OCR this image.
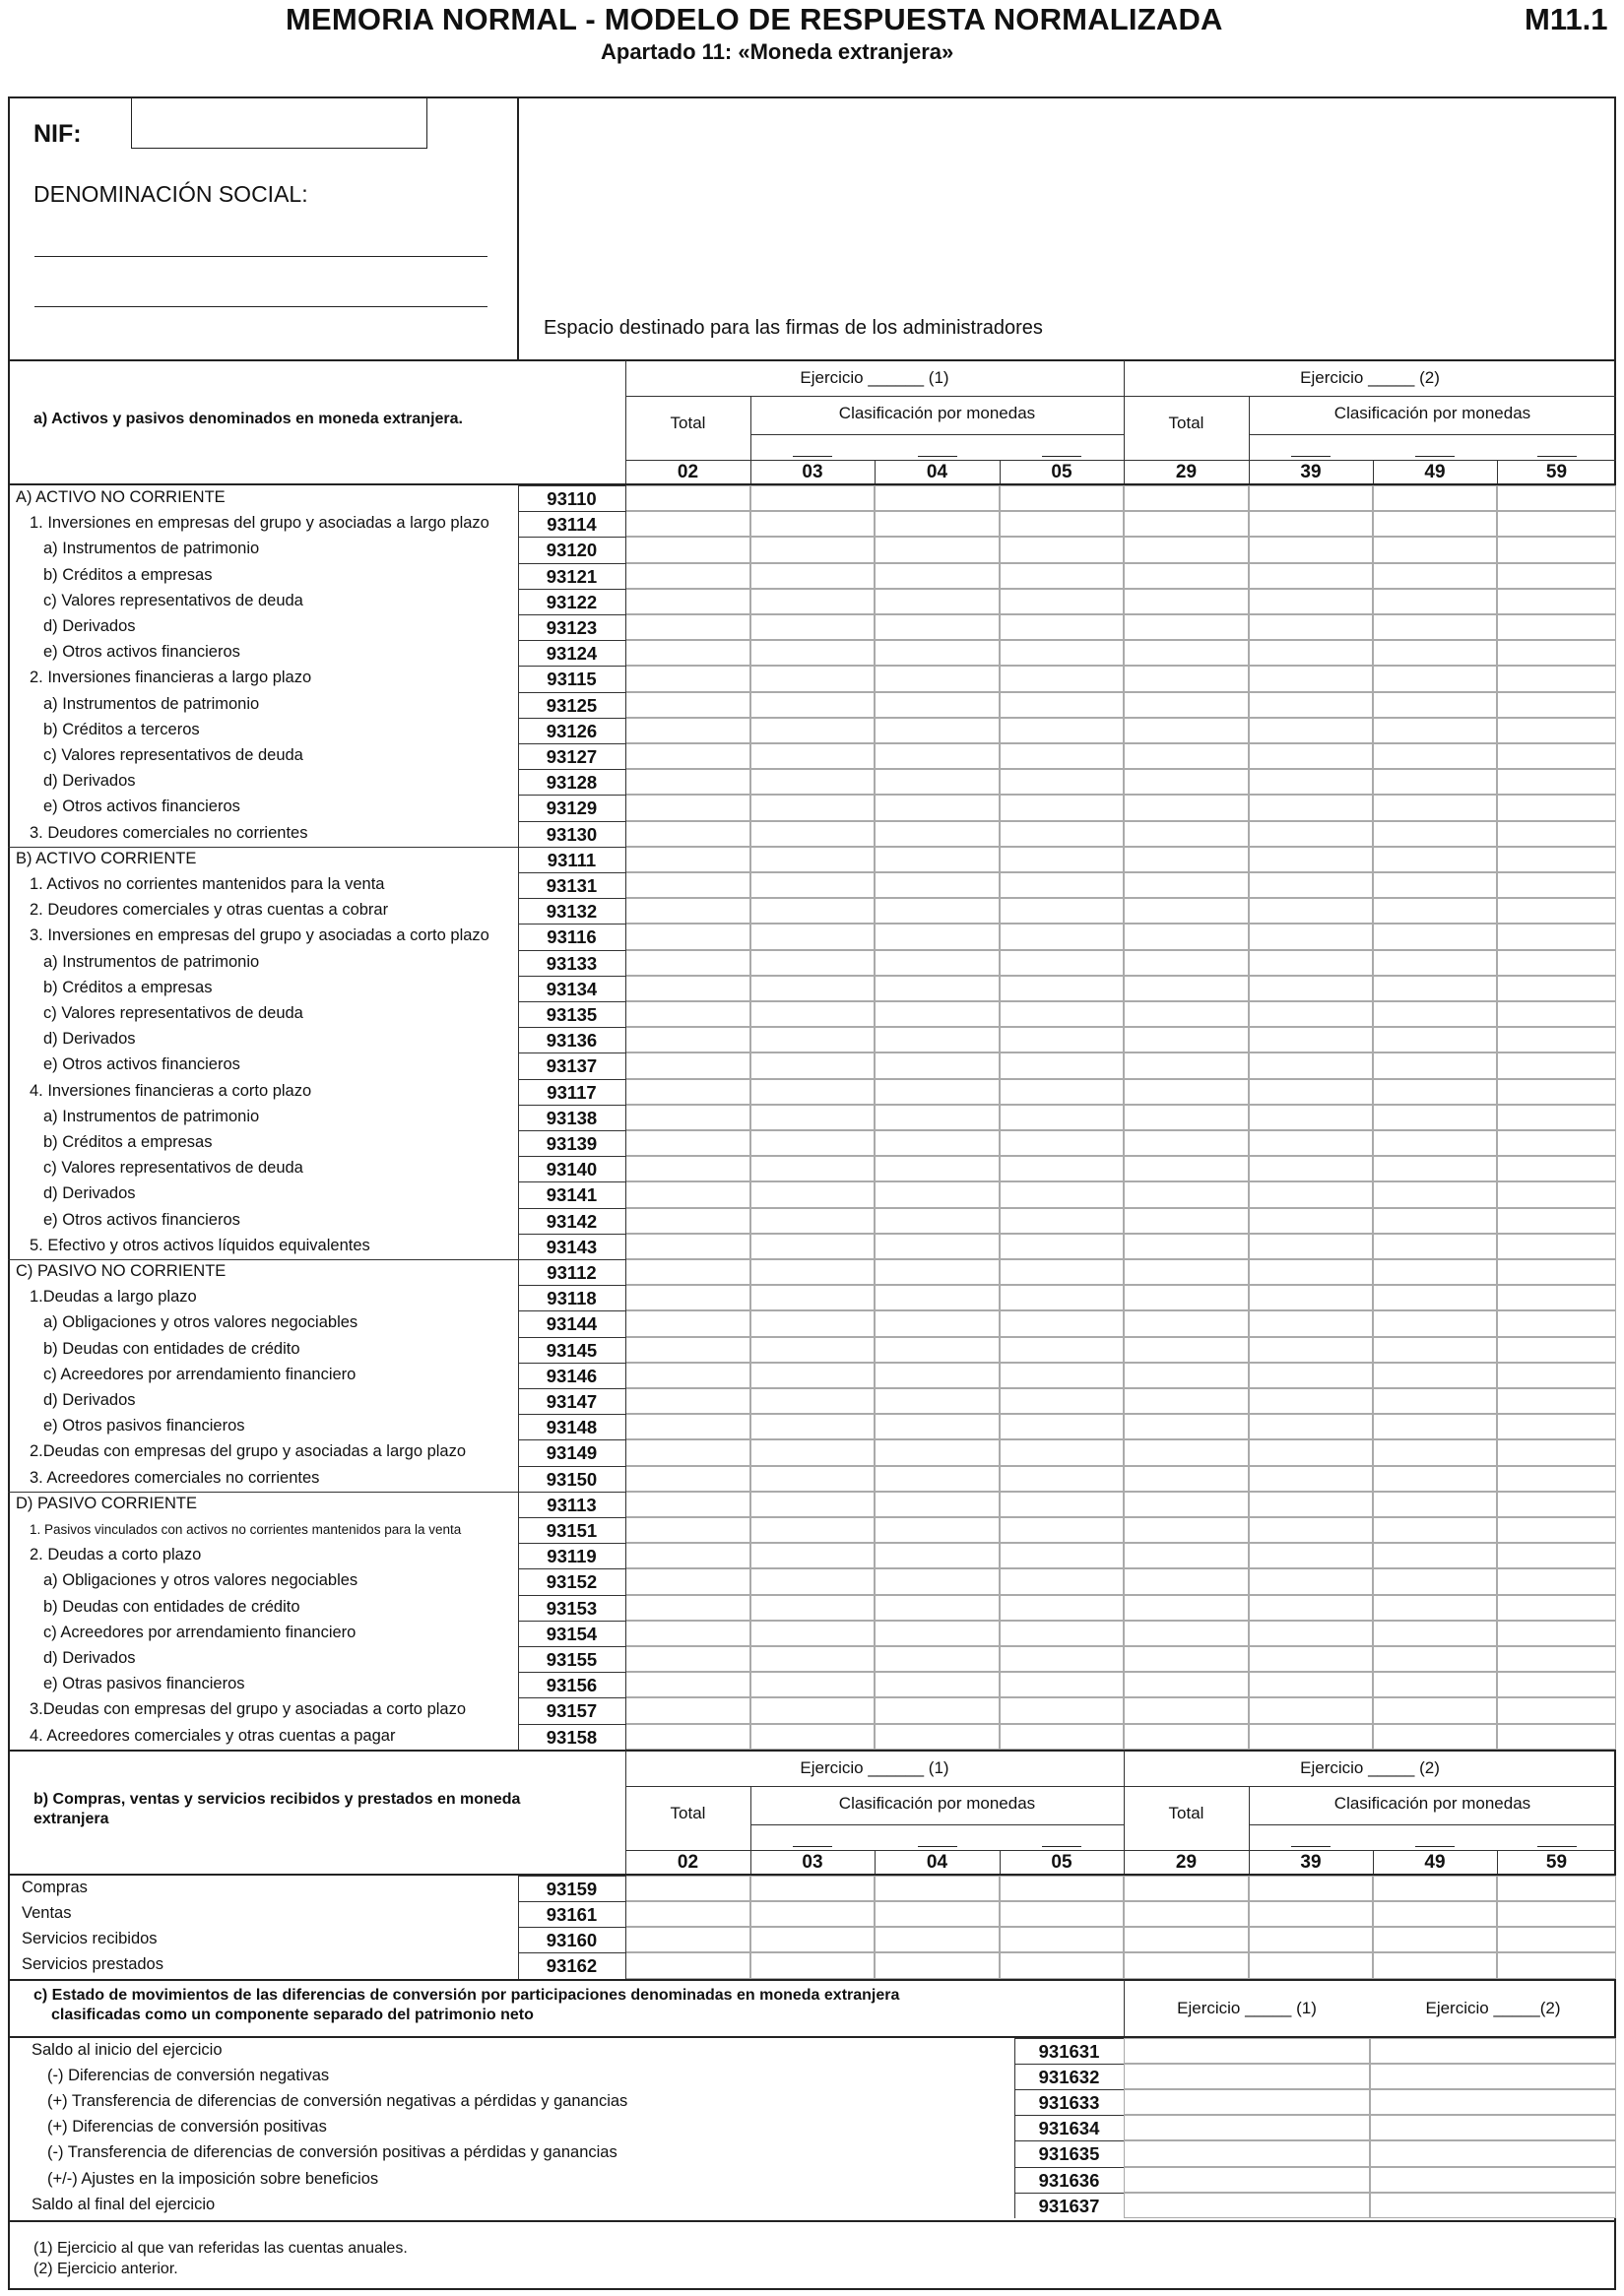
MEMORIA NORMAL - MODELO DE RESPUESTA NORMALIZADA	M11.1
Apartado 11: «Moneda extranjera»
NIF:
DENOMINACIÓN SOCIAL:
Espacio destinado para las firmas de los administradores
a) Activos y pasivos denominados en moneda extranjera.
Ejercicio ______ (1)	Ejercicio _____ (2)
Total
Clasificación por monedas
Total
Clasificación por monedas
02	03	04	05	29	39	49	59
A) ACTIVO NO CORRIENTE	93110
1. Inversiones en empresas del grupo y asociadas a largo plazo	93114
a) Instrumentos de patrimonio	93120
b) Créditos a empresas	93121
c) Valores representativos de deuda	93122
d) Derivados	93123
e) Otros activos financieros	93124
2. Inversiones financieras a largo plazo	93115
a) Instrumentos de patrimonio	93125
b) Créditos a terceros	93126
c) Valores representativos de deuda	93127
d) Derivados	93128
e) Otros activos financieros	93129
3. Deudores comerciales no corrientes	93130
B) ACTIVO CORRIENTE	93111
1. Activos no corrientes mantenidos para la venta	93131
2. Deudores comerciales y otras cuentas a cobrar	93132
3. Inversiones en empresas del grupo y asociadas a corto plazo	93116
a) Instrumentos de patrimonio	93133
b) Créditos a empresas	93134
c) Valores representativos de deuda	93135
d) Derivados	93136
e) Otros activos financieros	93137
4. Inversiones financieras a corto plazo	93117
a) Instrumentos de patrimonio	93138
b) Créditos a empresas	93139
c) Valores representativos de deuda	93140
d) Derivados	93141
e) Otros activos financieros	93142
5. Efectivo y otros activos líquidos equivalentes	93143
C) PASIVO NO CORRIENTE	93112
1.Deudas a largo plazo	93118
a) Obligaciones y otros valores negociables	93144
b) Deudas con entidades de crédito	93145
c) Acreedores por arrendamiento financiero	93146
d) Derivados	93147
e) Otros pasivos financieros	93148
2.Deudas con empresas del grupo y asociadas a largo plazo	93149
3. Acreedores comerciales no corrientes	93150
D) PASIVO CORRIENTE	93113
1. Pasivos vinculados con activos no corrientes mantenidos para la venta	93151
2. Deudas a corto plazo	93119
a) Obligaciones y otros valores negociables	93152
b) Deudas con entidades de crédito	93153
c) Acreedores por arrendamiento financiero	93154
d) Derivados	93155
e) Otras pasivos financieros	93156
3.Deudas con empresas del grupo y asociadas a corto plazo	93157
4. Acreedores comerciales y otras cuentas a pagar	93158
b) Compras, ventas y servicios recibidos y prestados en moneda extranjera
Ejercicio ______ (1)	Ejercicio _____ (2)
Total
Clasificación por monedas
Total
Clasificación por monedas
02	03	04	05	29	39	49	59
Compras	93159
Ventas	93161
Servicios recibidos	93160
Servicios prestados	93162
c) Estado de movimientos de las diferencias de conversión por participaciones denominadas en moneda extranjera
clasificadas como un componente separado del patrimonio neto	Ejercicio _____ (1)	Ejercicio _____(2)
Saldo al inicio del ejercicio	931631
(-) Diferencias de conversión negativas	931632
(+) Transferencia de diferencias de conversión negativas a pérdidas y ganancias	931633
(+) Diferencias de conversión positivas	931634
(-) Transferencia de diferencias de conversión positivas a pérdidas y ganancias	931635
(+/-) Ajustes en la imposición sobre beneficios	931636
Saldo al final del ejercicio	931637
(1) Ejercicio al que van referidas las cuentas anuales.
(2) Ejercicio anterior.
